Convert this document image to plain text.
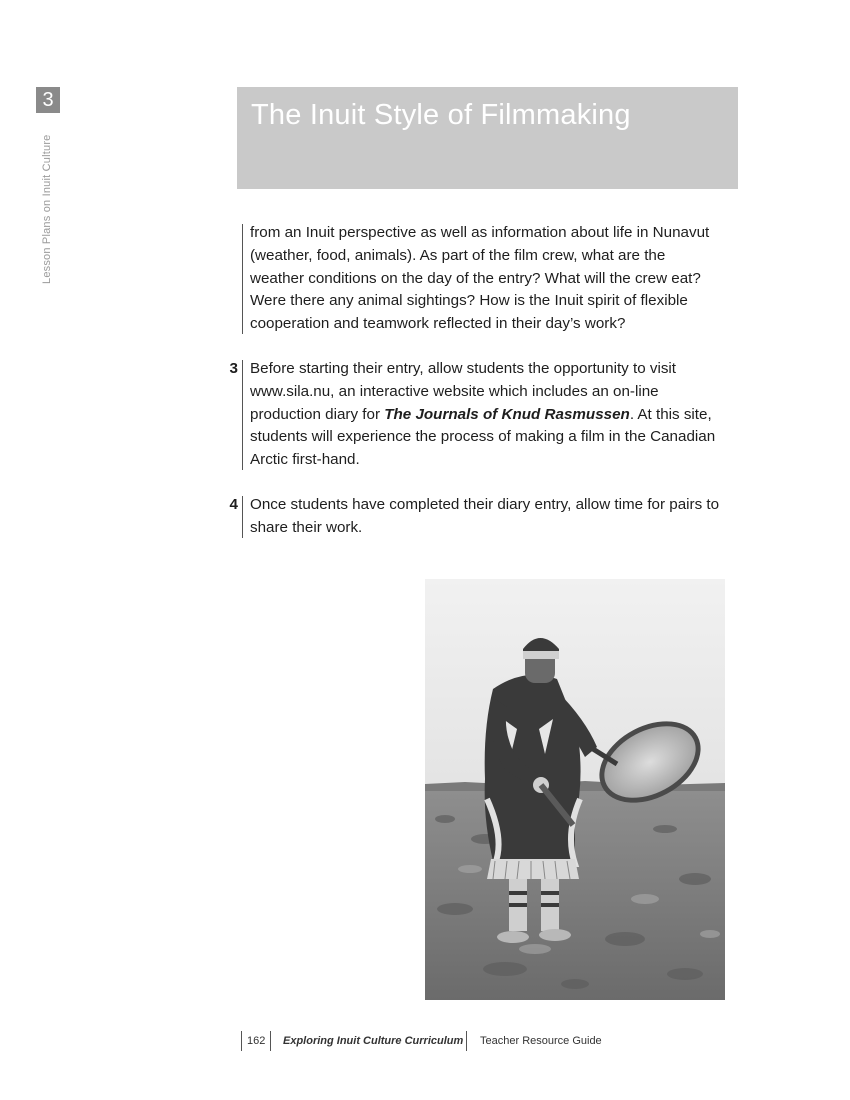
3
Lesson Plans on Inuit Culture
The Inuit Style of Filmmaking
from an Inuit perspective as well as information about life in Nunavut (weather, food, animals). As part of the film crew, what are the weather conditions on the day of the entry? What will the crew eat? Were there any animal sightings? How is the Inuit spirit of flexible cooperation and teamwork reflected in their day’s work?
3 Before starting their entry, allow students the opportunity to visit www.sila.nu, an interactive website which includes an on-line production diary for The Journals of Knud Rasmussen. At this site, students will experience the process of making a film in the Canadian Arctic first-hand.
4 Once students have completed their diary entry, allow time for pairs to share their work.
162	Exploring Inuit Culture Curriculum Teacher Resource Guide
